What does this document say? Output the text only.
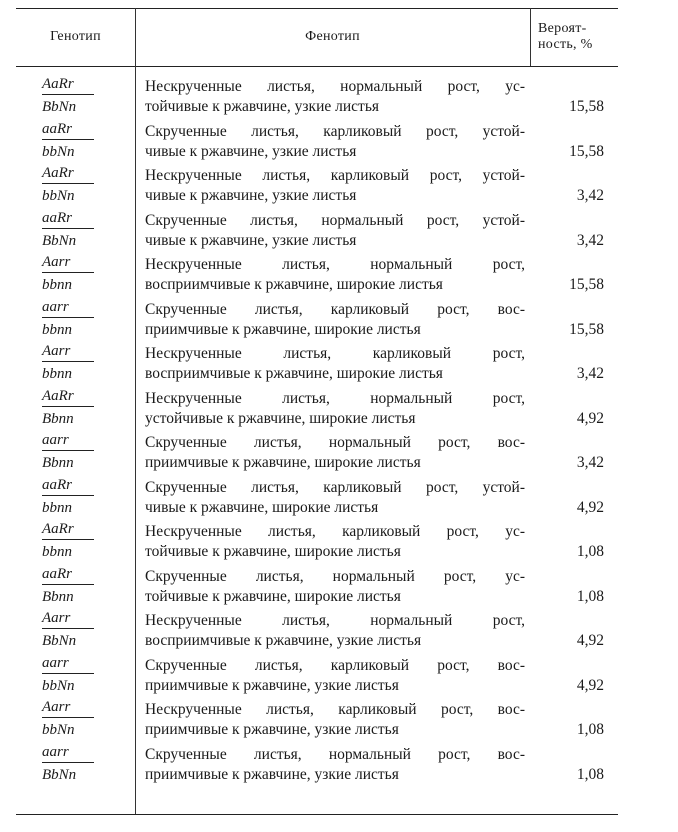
Генотип	Фенотип
Вероят-
ность, %
AaRr
BbNn
Нескрученные листья, нормальный рост, ус-
тойчивые к ржавчине, узкие листья	15,58
aaRr
bbNn
Скрученные листья, карликовый рост, устой-
чивые к ржавчине, узкие листья	15,58
AaRr
bbNn
Нескрученные листья, карликовый рост, устой-
чивые к ржавчине, узкие листья	3,42
aaRr
BbNn
Скрученные листья, нормальный рост, устой-
чивые к ржавчине, узкие листья	3,42
Aarr
bbnn
Нескрученные листья, нормальный рост,
восприимчивые к ржавчине, широкие листья	15,58
aarr
bbnn
Скрученные листья, карликовый рост, вос-
приимчивые к ржавчине, широкие листья	15,58
Aarr
bbnn
Нескрученные листья, карликовый рост,
восприимчивые к ржавчине, широкие листья	3,42
AaRr
Bbnn
Нескрученные листья, нормальный рост,
устойчивые к ржавчине, широкие листья	4,92
aarr
Bbnn
Скрученные листья, нормальный рост, вос-
приимчивые к ржавчине, широкие листья	3,42
aaRr
bbnn
Скрученные листья, карликовый рост, устой-
чивые к ржавчине, широкие листья	4,92
AaRr
bbnn
Нескрученные листья, карликовый рост, ус-
тойчивые к ржавчине, широкие листья	1,08
aaRr
Bbnn
Скрученные листья, нормальный рост, ус-
тойчивые к ржавчине, широкие листья	1,08
Aarr
BbNn
Нескрученные листья, нормальный рост,
восприимчивые к ржавчине, узкие листья	4,92
aarr
bbNn
Скрученные листья, карликовый рост, вос-
приимчивые к ржавчине, узкие листья	4,92
Aarr
bbNn
Нескрученные листья, карликовый рост, вос-
приимчивые к ржавчине, узкие листья	1,08
aarr
BbNn
Скрученные листья, нормальный рост, вос-
приимчивые к ржавчине, узкие листья	1,08
